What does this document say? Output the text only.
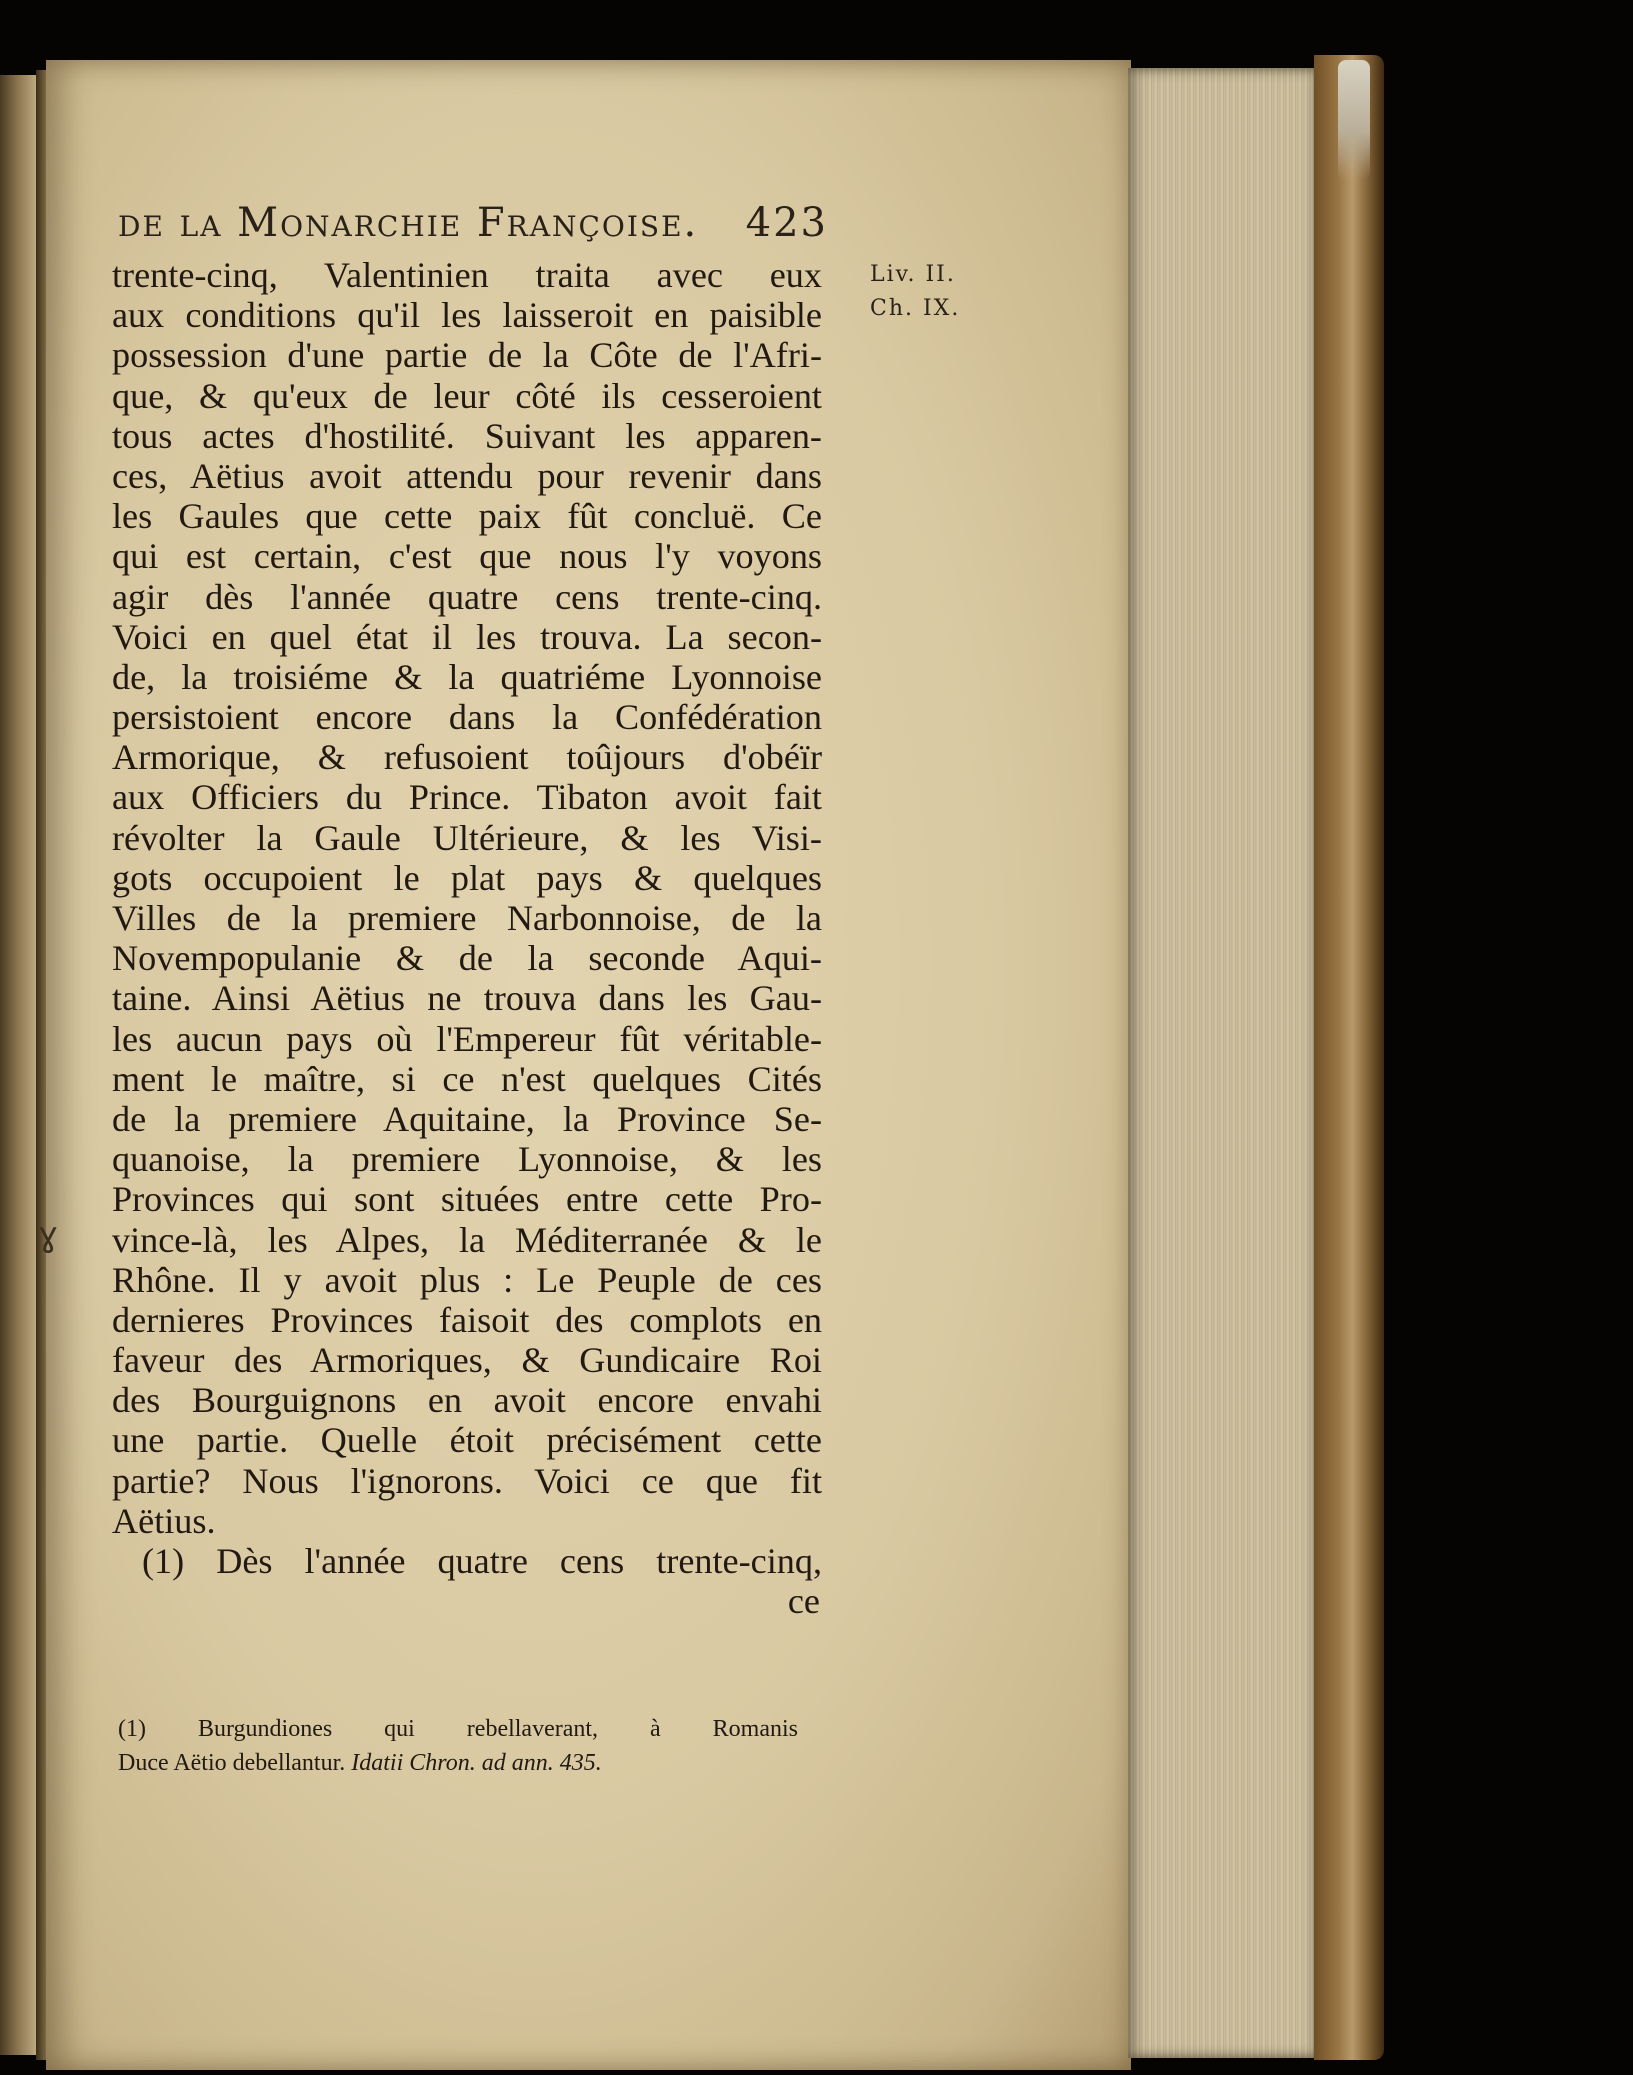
ɣ
de la Monarchie Françoise. 423
Liv. II.
Ch. IX.
trente-cinq, Valentinien traita avec eux
aux conditions qu'il les laisseroit en paisible
possession d'une partie de la Côte de l'Afri-
que, & qu'eux de leur côté ils cesseroient
tous actes d'hostilité. Suivant les apparen-
ces, Aëtius avoit attendu pour revenir dans
les Gaules que cette paix fût concluë. Ce
qui est certain, c'est que nous l'y voyons
agir dès l'année quatre cens trente-cinq.
Voici en quel état il les trouva. La secon-
de, la troisiéme & la quatriéme Lyonnoise
persistoient encore dans la Confédération
Armorique, & refusoient toûjours d'obéïr
aux Officiers du Prince. Tibaton avoit fait
révolter la Gaule Ultérieure, & les Visi-
gots occupoient le plat pays & quelques
Villes de la premiere Narbonnoise, de la
Novempopulanie & de la seconde Aqui-
taine. Ainsi Aëtius ne trouva dans les Gau-
les aucun pays où l'Empereur fût véritable-
ment le maître, si ce n'est quelques Cités
de la premiere Aquitaine, la Province Se-
quanoise, la premiere Lyonnoise, & les
Provinces qui sont situées entre cette Pro-
vince-là, les Alpes, la Méditerranée & le
Rhône. Il y avoit plus : Le Peuple de ces
dernieres Provinces faisoit des complots en
faveur des Armoriques, & Gundicaire Roi
des Bourguignons en avoit encore envahi
une partie. Quelle étoit précisément cette
partie? Nous l'ignorons. Voici ce que fit
Aëtius.
(1) Dès l'année quatre cens trente-cinq,
ce
(1) Burgundiones qui rebellaverant, à Romanis
Duce Aëtio debellantur. Idatii Chron. ad ann. 435.
